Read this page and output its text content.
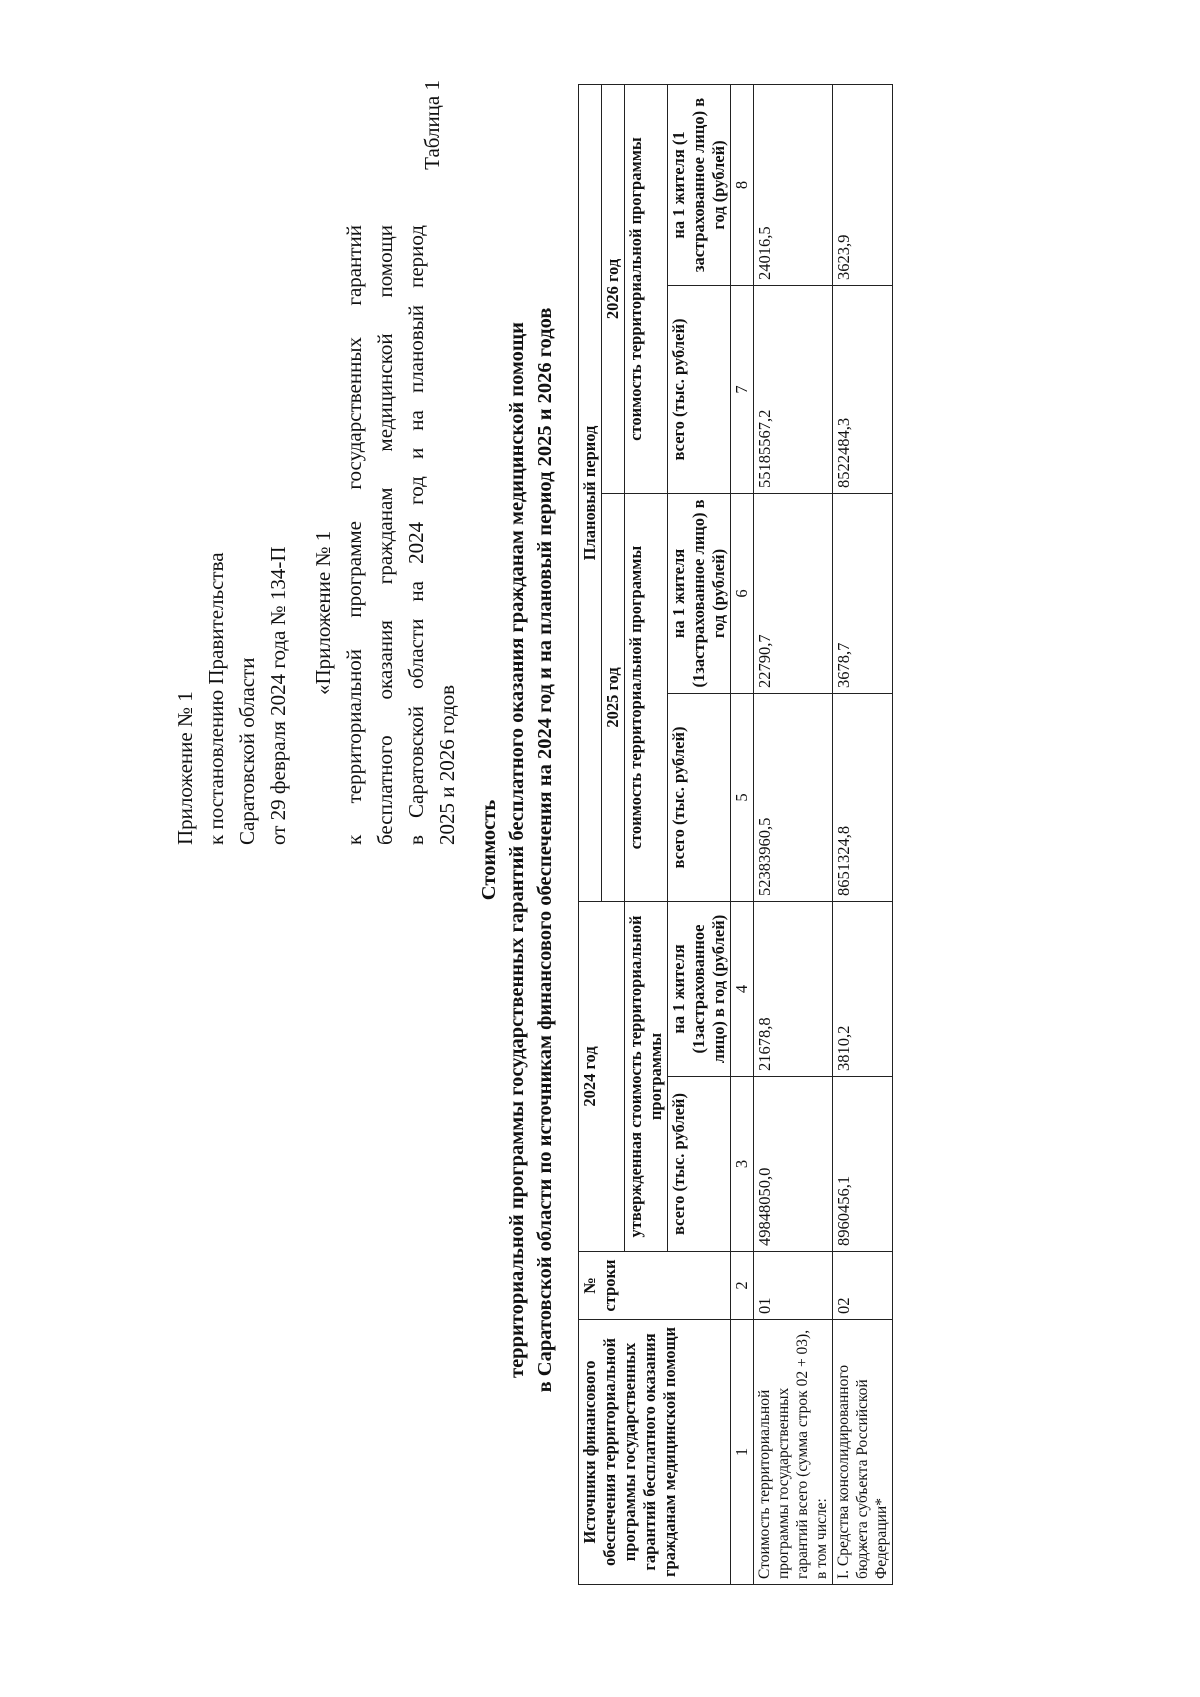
Приложение № 1 к постановлению Правительства Саратовской области от 29 февраля 2024 года № 134-П «Приложение № 1 к территориальной программе государственных гарантий бесплатного оказания гражданам медицинской помощи в Саратовской области на 2024 год и на плановый период 2025 и 2026 годов
Таблица 1
Стоимость территориальной программы государственных гарантий бесплатного оказания гражданам медицинской помощи в Саратовской области по источникам финансового обеспечения на 2024 год и на плановый период 2025 и 2026 годов
Источники финансового обеспечения территориальной программы государственных гарантий бесплатного оказания гражданам медицинской помощи	№ строки	2024 год		Плановый период			
				2025 год		2026 год	
		утвержденная стоимость территориальной программы		стоимость территориальной программы		стоимость территориальной программы	
		всего (тыс. рублей)	на 1 жителя (1застрахованное лицо) в год (рублей)	всего (тыс. рублей)	на 1 жителя (1застрахованное лицо) в год (рублей)	всего (тыс. рублей)	на 1 жителя (1 застрахованное лицо) в год (рублей)
1	2	3	4	5	6	7	8
Стоимость территориальной программы государственных гарантий всего (сумма строк 02 + 03), в том числе:	01	49848050,0	21678,8	52383960,5	22790,7	55185567,2	24016,5
I. Средства консолидированного бюджета субъекта Российской Федерации*	02	8960456,1	3810,2	8651324,8	3678,7	8522484,3	3623,9
